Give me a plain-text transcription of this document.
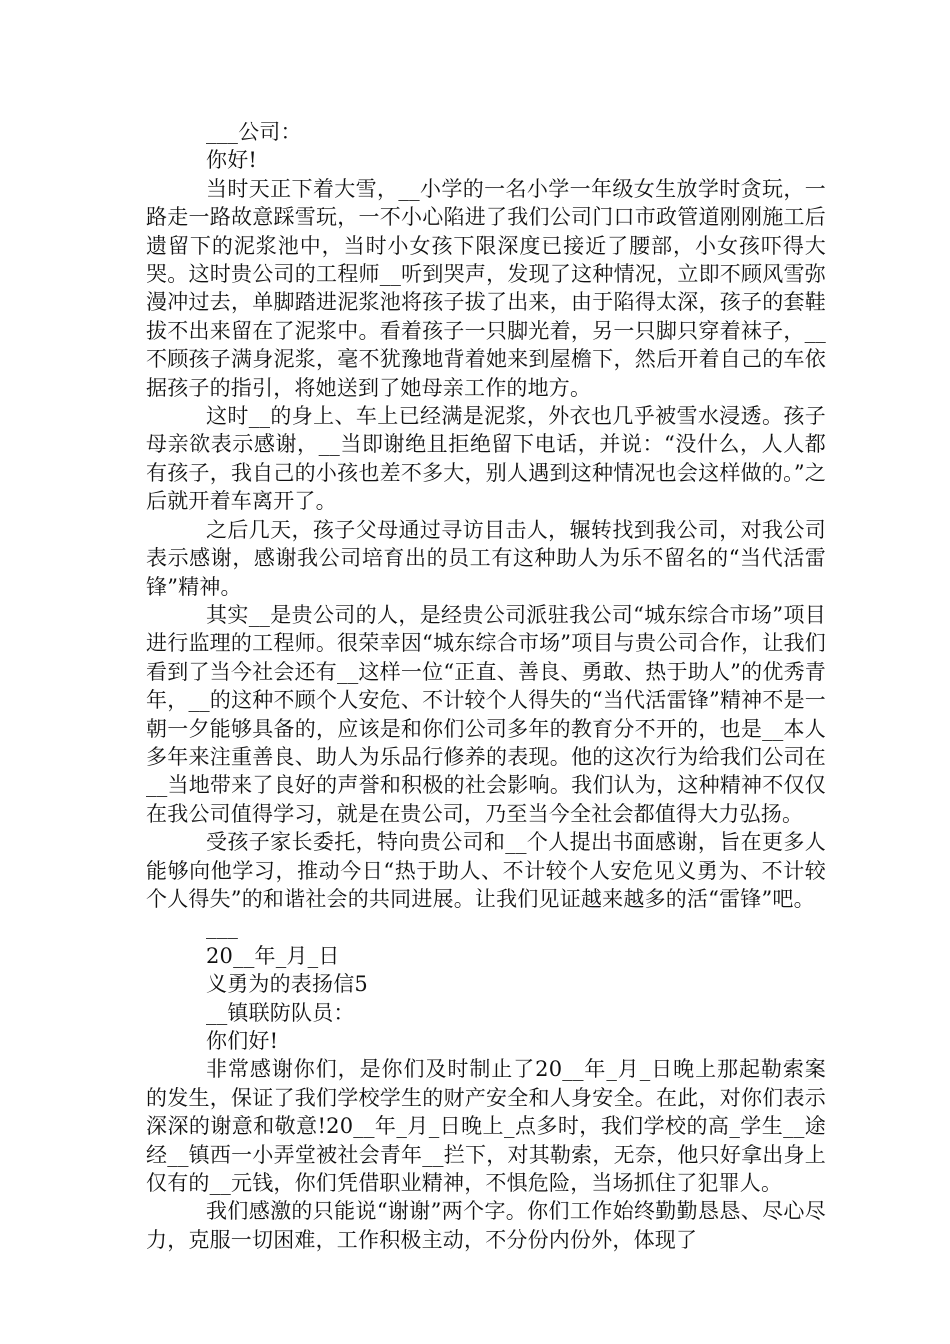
___公司：
你好!
当时天正下着大雪，__小学的一名小学一年级女生放学时贪玩，一路走一路故意踩雪玩，一不小心陷进了我们公司门口市政管道刚刚施工后遗留下的泥浆池中，当时小女孩下限深度已接近了腰部，小女孩吓得大哭。这时贵公司的工程师__听到哭声，发现了这种情况，立即不顾风雪弥漫冲过去，单脚踏进泥浆池将孩子拔了出来，由于陷得太深，孩子的套鞋拔不出来留在了泥浆中。看着孩子一只脚光着，另一只脚只穿着袜子，__不顾孩子满身泥浆，毫不犹豫地背着她来到屋檐下，然后开着自己的车依据孩子的指引，将她送到了她母亲工作的地方。
这时__的身上、车上已经满是泥浆，外衣也几乎被雪水浸透。孩子母亲欲表示感谢，__当即谢绝且拒绝留下电话，并说：“没什么，人人都有孩子，我自己的小孩也差不多大，别人遇到这种情况也会这样做的。”之后就开着车离开了。
之后几天，孩子父母通过寻访目击人，辗转找到我公司，对我公司表示感谢，感谢我公司培育出的员工有这种助人为乐不留名的“当代活雷锋”精神。
其实__是贵公司的人，是经贵公司派驻我公司“城东综合市场”项目进行监理的工程师。很荣幸因“城东综合市场”项目与贵公司合作，让我们看到了当今社会还有__这样一位“正直、善良、勇敢、热于助人”的优秀青年，__的这种不顾个人安危、不计较个人得失的“当代活雷锋”精神不是一朝一夕能够具备的，应该是和你们公司多年的教育分不开的，也是__本人多年来注重善良、助人为乐品行修养的表现。他的这次行为给我们公司在__当地带来了良好的声誉和积极的社会影响。我们认为，这种精神不仅仅在我公司值得学习，就是在贵公司，乃至当今全社会都值得大力弘扬。
受孩子家长委托，特向贵公司和__个人提出书面感谢，旨在更多人能够向他学习，推动今日“热于助人、不计较个人安危见义勇为、不计较个人得失”的和谐社会的共同进展。让我们见证越来越多的活“雷锋”吧。
___
20__年_月_日
义勇为的表扬信5
__镇联防队员：
你们好!
非常感谢你们，是你们及时制止了20__年_月_日晚上那起勒索案的发生，保证了我们学校学生的财产安全和人身安全。在此，对你们表示深深的谢意和敬意!20__年_月_日晚上_点多时，我们学校的高_学生__途经__镇西一小弄堂被社会青年__拦下，对其勒索，无奈，他只好拿出身上仅有的__元钱，你们凭借职业精神，不惧危险，当场抓住了犯罪人。
我们感激的只能说“谢谢”两个字。你们工作始终勤勤恳恳、尽心尽力，克服一切困难，工作积极主动，不分份内份外，体现了
